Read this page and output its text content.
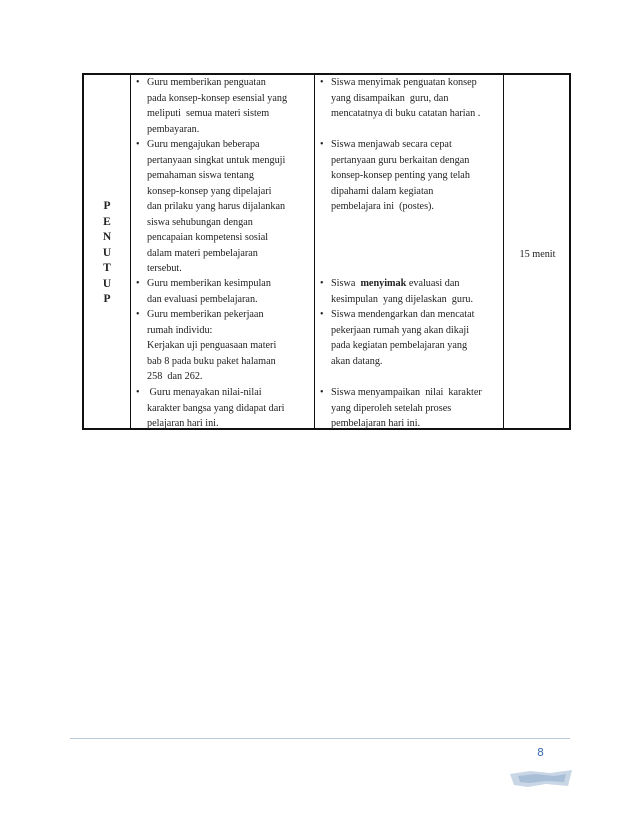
P
E
N
U
T
U
P
• Guru memberikan penguatan
pada konsep-konsep esensial yang
meliputi  semua materi sistem
pembayaran.
• Guru mengajukan beberapa
pertanyaan singkat untuk menguji
pemahaman siswa tentang
konsep-konsep yang dipelajari
dan prilaku yang harus dijalankan
siswa sehubungan dengan
pencapaian kompetensi sosial
dalam materi pembelajaran
tersebut.
• Guru memberikan kesimpulan
dan evaluasi pembelajaran.
• Guru memberikan pekerjaan
rumah individu:
Kerjakan uji penguasaan materi
bab 8 pada buku paket halaman
258  dan 262.
• Guru menayakan nilai-nilai
karakter bangsa yang didapat dari
pelajaran hari ini.
• Siswa menyimak penguatan konsep
yang disampaikan  guru, dan
mencatatnya di buku catatan harian .
• Siswa menjawab secara cepat
pertanyaan guru berkaitan dengan
konsep-konsep penting yang telah
dipahami dalam kegiatan
pembelajara ini  (postes).
• Siswa  menyimak evaluasi dan
kesimpulan  yang dijelaskan  guru.
• Siswa mendengarkan dan mencatat
pekerjaan rumah yang akan dikaji
pada kegiatan pembelajaran yang
akan datang.
• Siswa menyampaikan  nilai  karakter
yang diperoleh setelah proses
pembelajaran hari ini.
15 menit
8
